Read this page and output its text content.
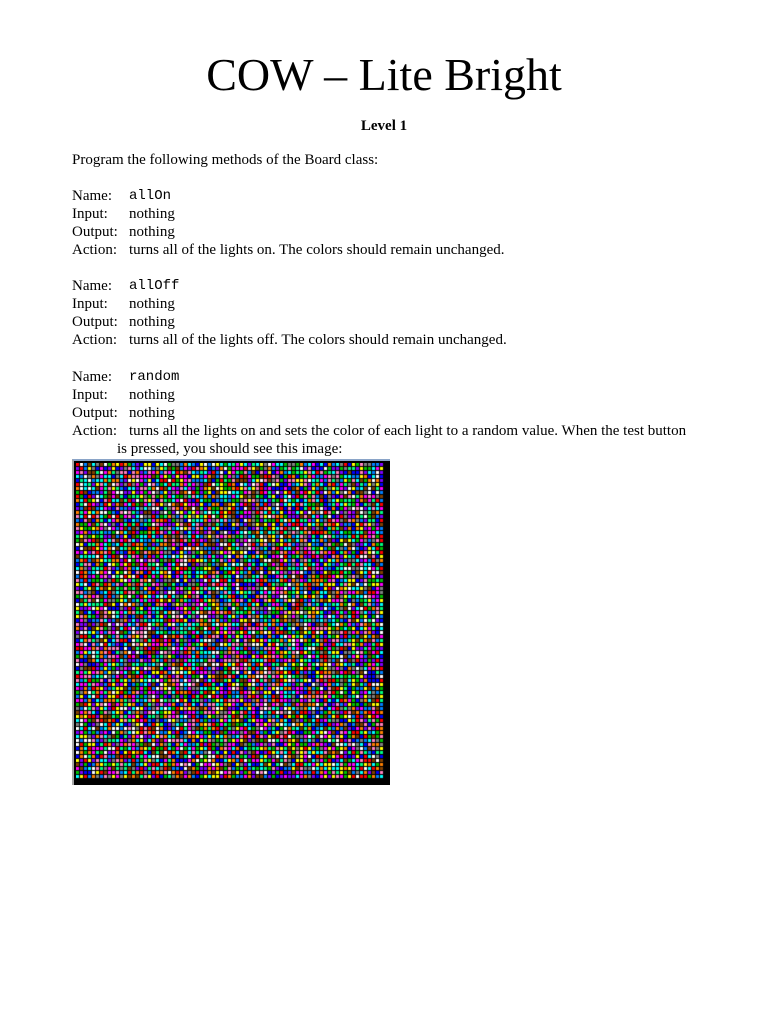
COW – Lite Bright
Level 1
Program the following methods of the Board class:
Name:	allOn
Input:	nothing
Output: nothing
Action: turns all of the lights on. The colors should remain unchanged.
Name:	allOff
Input:	nothing
Output: nothing
Action: turns all of the lights off. The colors should remain unchanged.
Name:	random
Input:	nothing
Output: nothing
Action: turns all the lights on and sets the color of each light to a random value. When the test button
is pressed, you should see this image:
